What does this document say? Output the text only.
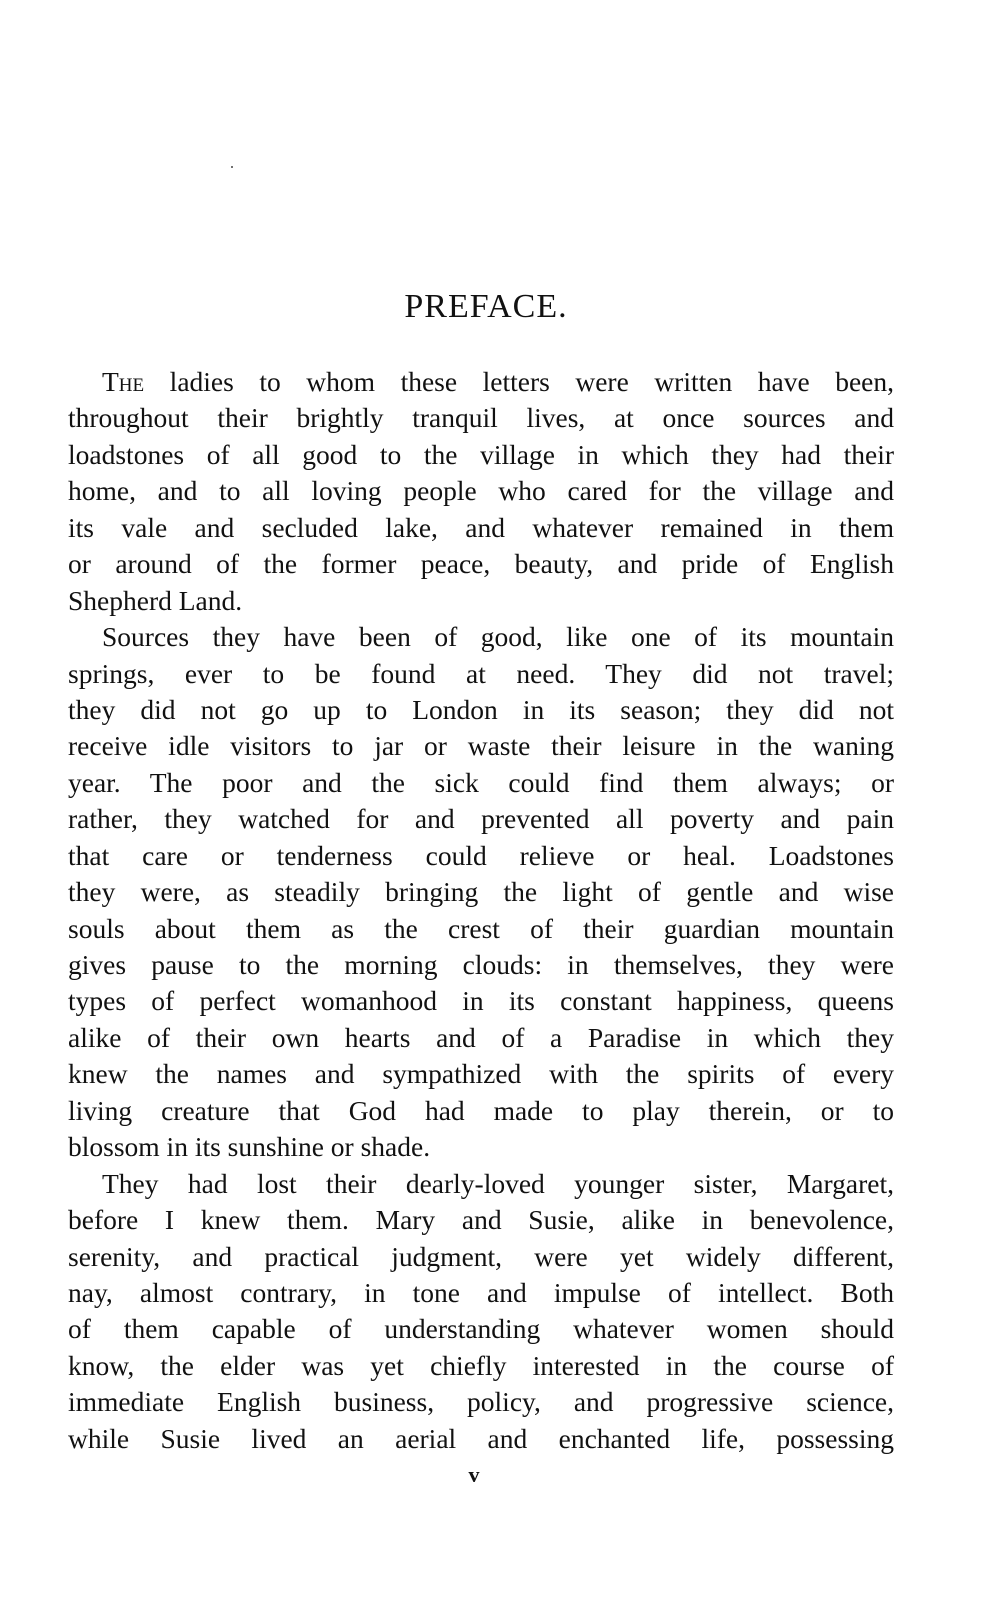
PREFACE.
The ladies to whom these letters were written have been,
throughout their brightly tranquil lives, at once sources and
loadstones of all good to the village in which they had their
home, and to all loving people who cared for the village and
its vale and secluded lake, and whatever remained in them
or around of the former peace, beauty, and pride of English
Shepherd Land.
Sources they have been of good, like one of its mountain
springs, ever to be found at need. They did not travel;
they did not go up to London in its season; they did not
receive idle visitors to jar or waste their leisure in the waning
year. The poor and the sick could find them always; or
rather, they watched for and prevented all poverty and pain
that care or tenderness could relieve or heal. Loadstones
they were, as steadily bringing the light of gentle and wise
souls about them as the crest of their guardian mountain
gives pause to the morning clouds: in themselves, they were
types of perfect womanhood in its constant happiness, queens
alike of their own hearts and of a Paradise in which they
knew the names and sympathized with the spirits of every
living creature that God had made to play therein, or to
blossom in its sunshine or shade.
They had lost their dearly-loved younger sister, Margaret,
before I knew them. Mary and Susie, alike in benevolence,
serenity, and practical judgment, were yet widely different,
nay, almost contrary, in tone and impulse of intellect. Both
of them capable of understanding whatever women should
know, the elder was yet chiefly interested in the course of
immediate English business, policy, and progressive science,
while Susie lived an aerial and enchanted life, possessing
v
